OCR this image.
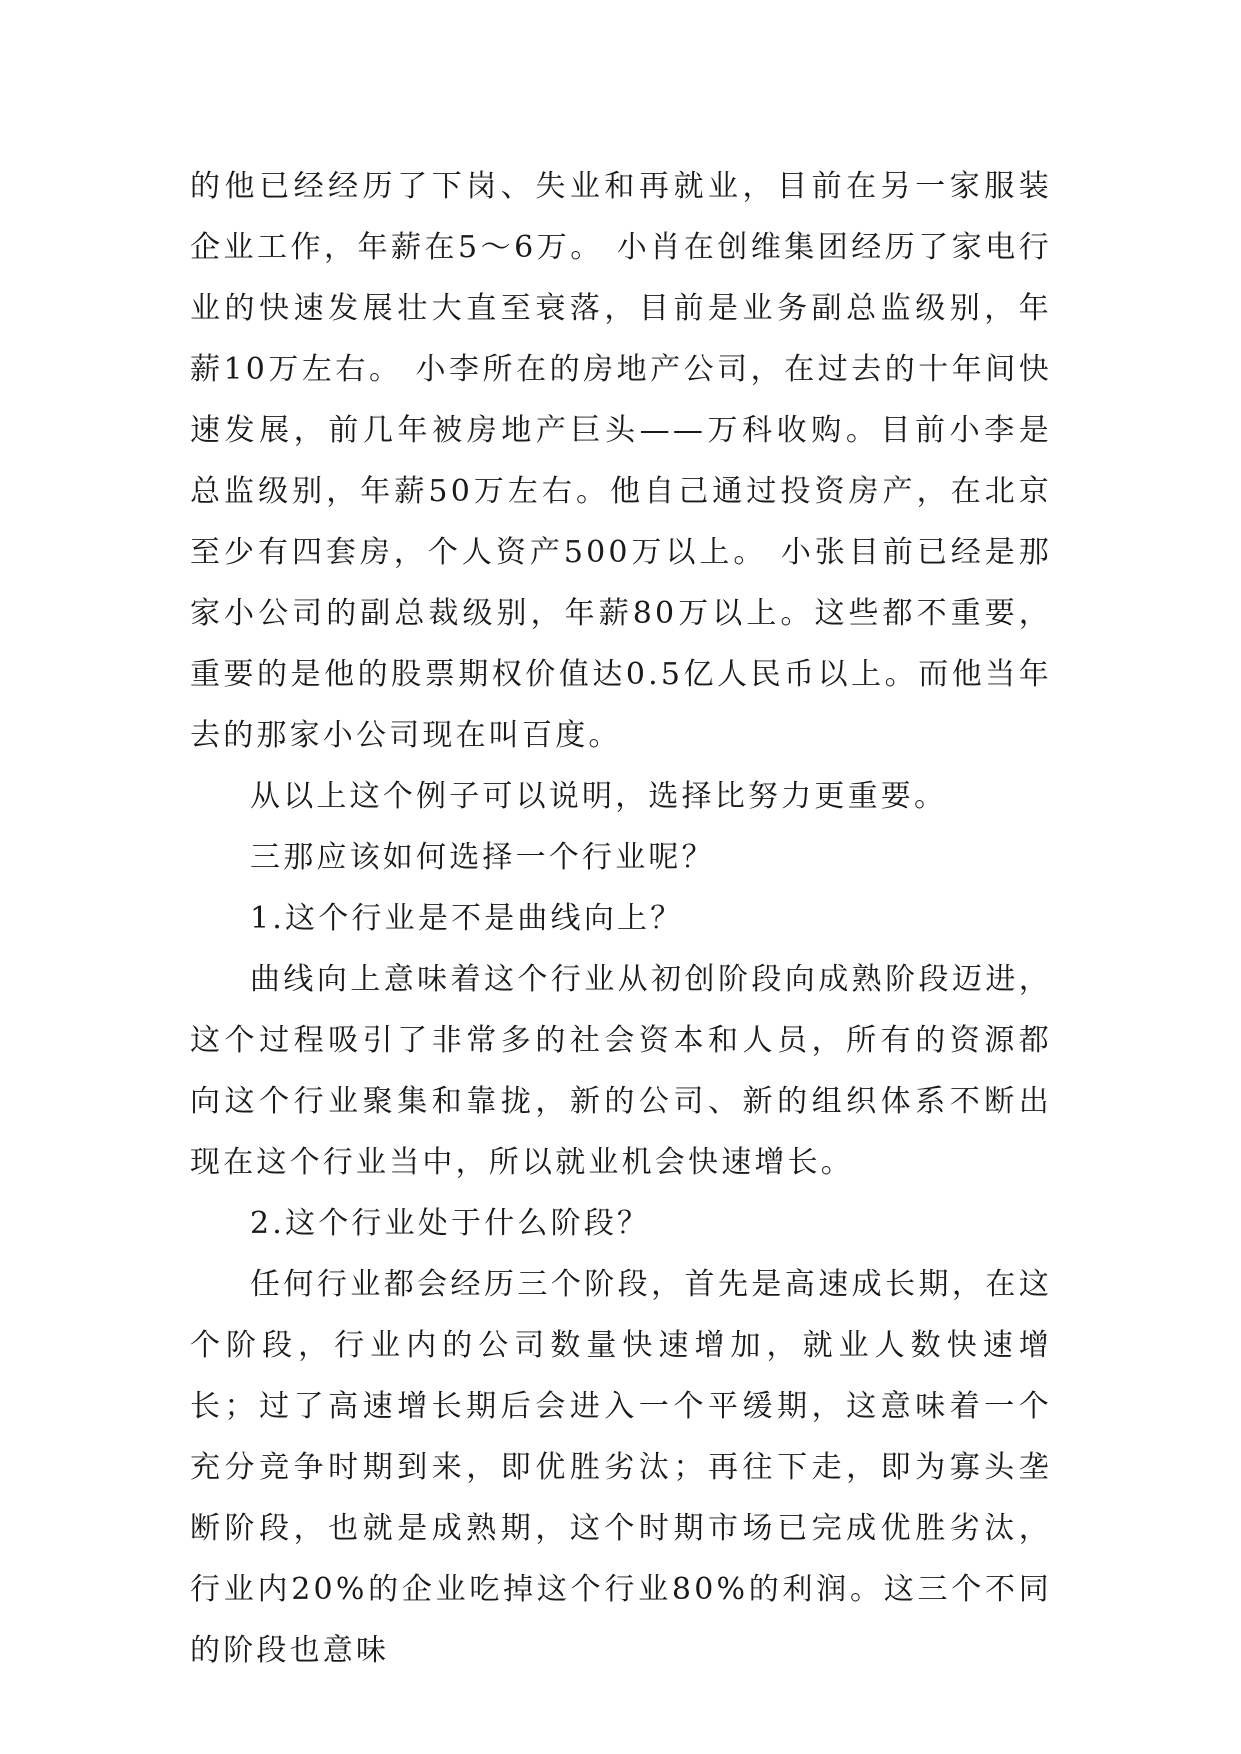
的他已经经历了下岗、失业和再就业，目前在另一家服装企业工作，年薪在5～6万。 小肖在创维集团经历了家电行业的快速发展壮大直至衰落，目前是业务副总监级别，年薪10万左右。 小李所在的房地产公司，在过去的十年间快速发展，前几年被房地产巨头——万科收购。目前小李是总监级别，年薪50万左右。他自己通过投资房产，在北京至少有四套房，个人资产500万以上。 小张目前已经是那家小公司的副总裁级别，年薪80万以上。这些都不重要，重要的是他的股票期权价值达0.5亿人民币以上。而他当年去的那家小公司现在叫百度。

从以上这个例子可以说明，选择比努力更重要。

三那应该如何选择一个行业呢？

1.这个行业是不是曲线向上？

曲线向上意味着这个行业从初创阶段向成熟阶段迈进，这个过程吸引了非常多的社会资本和人员，所有的资源都向这个行业聚集和靠拢，新的公司、新的组织体系不断出现在这个行业当中，所以就业机会快速增长。

2.这个行业处于什么阶段？

任何行业都会经历三个阶段，首先是高速成长期，在这个阶段，行业内的公司数量快速增加，就业人数快速增长；过了高速增长期后会进入一个平缓期，这意味着一个充分竞争时期到来，即优胜劣汰；再往下走，即为寡头垄断阶段，也就是成熟期，这个时期市场已完成优胜劣汰，行业内20%的企业吃掉这个行业80%的利润。这三个不同的阶段也意味
